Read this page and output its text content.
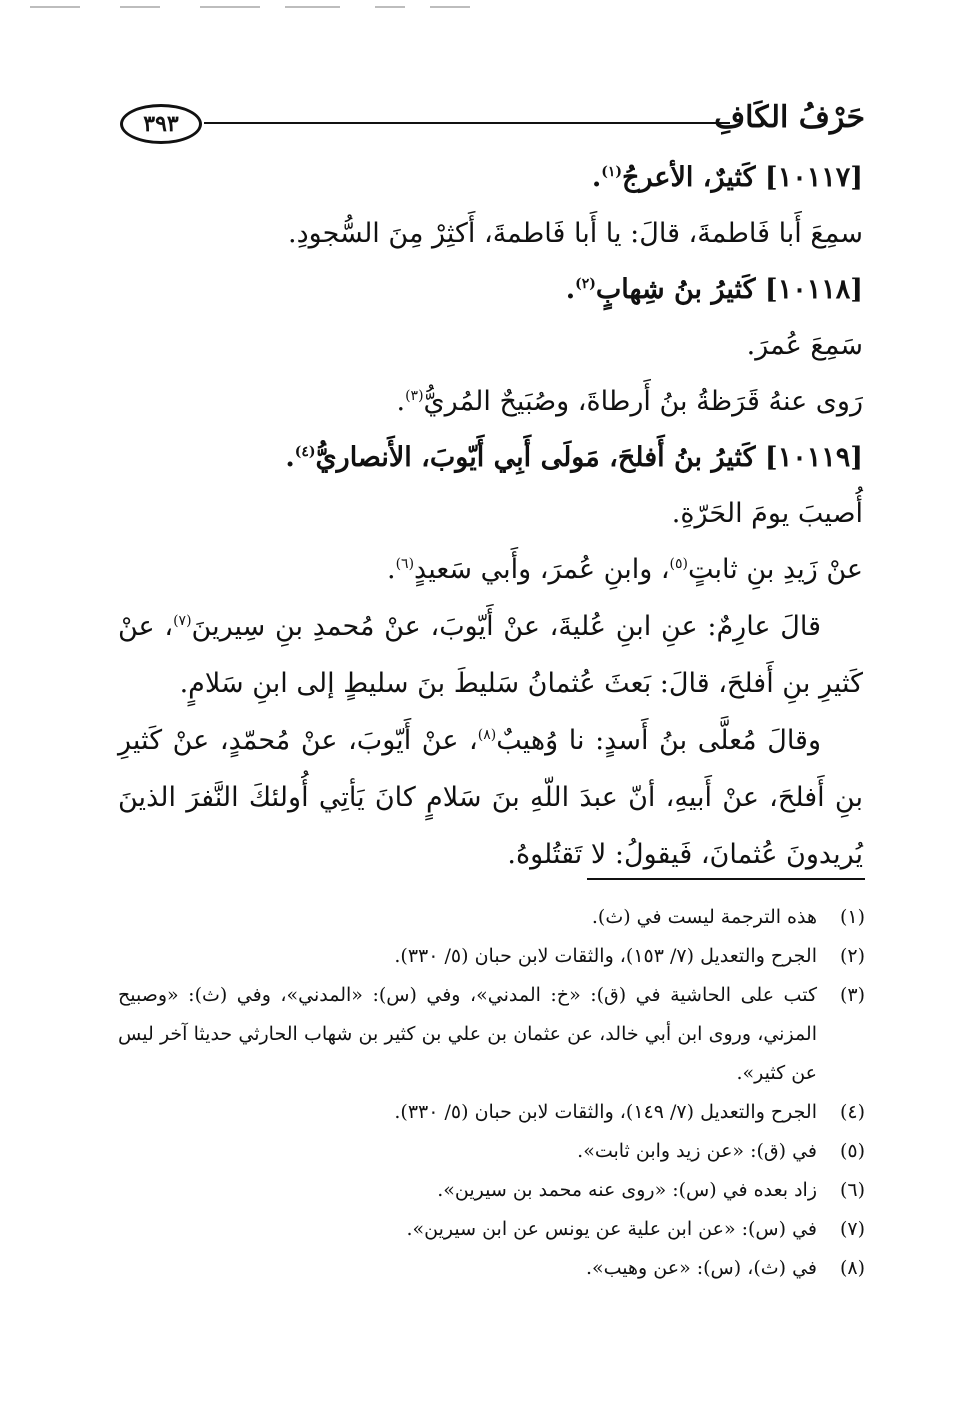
٣٩٣	حَرْفُ الكَافِ
[١٠١١٧] كَثيرٌ، الأعرجُ$^{(١)}$.
سمِعَ أَبا فَاطمةَ، قالَ: يا أَبا فَاطمةَ، أَكثِرْ مِنَ السُّجودِ.
[١٠١١٨] كَثيرُ بنُ شِهابٍ$^{(٢)}$.
سَمِعَ عُمرَ.
رَوى عنهُ قَرَظةُ بنُ أَرطاةَ، وصُبَيحٌ المُريُّ$^{(٣)}$.
[١٠١١٩] كَثيرُ بنُ أَفلحَ، مَولَى أَبِي أَيّوبَ، الأَنصاريُّ$^{(٤)}$.
أُصيبَ يومَ الحَرّةِ.
عنْ زَيدِ بنِ ثابتٍ$^{(٥)}$، وابنِ عُمرَ، وأَبي سَعيدٍ$^{(٦)}$.
قالَ عارِمٌ: عنِ ابنِ عُليةَ، عنْ أَيّوبَ، عنْ مُحمدِ بنِ سِيرينَ$^{(٧)}$، عنْ كَثيرِ بنِ أَفلحَ، قالَ: بَعثَ عُثمانُ سَليطَ بنَ سليطٍ إلى ابنِ سَلامٍ.
وقالَ مُعلَّى بنُ أَسدٍ: نا وُهيبٌ$^{(٨)}$، عنْ أَيّوبَ، عنْ مُحمّدٍ، عنْ كَثيرِ بنِ أَفلحَ، عنْ أَبيهِ، أنّ عبدَ اللّهِ بنَ سَلامٍ كانَ يَأتِي أُولئكَ النَّفرَ الذينَ يُريدونَ عُثمانَ، فَيقولُ: لا تَقتُلوهُ.
(١)
هذه الترجمة ليست في (ث).
(٢)
الجرح والتعديل (٧/ ١٥٣)، والثقات لابن حبان (٥/ ٣٣٠).
(٣)
كتب على الحاشية في (ق): «خ: المدني»، وفي (س): «المدني»، وفي (ث): «وصبيح المزني، وروى ابن أبي خالد، عن عثمان بن علي بن كثير بن شهاب الحارثي حديثا آخر ليس عن كثير».
(٤)
الجرح والتعديل (٧/ ١٤٩)، والثقات لابن حبان (٥/ ٣٣٠).
(٥)
في (ق): «عن زيد وابن ثابت».
(٦)
زاد بعده في (س): «روى عنه محمد بن سيرين».
(٧)
في (س): «عن ابن علية عن يونس عن ابن سيرين».
(٨)
في (ث)، (س): «عن وهيب».
